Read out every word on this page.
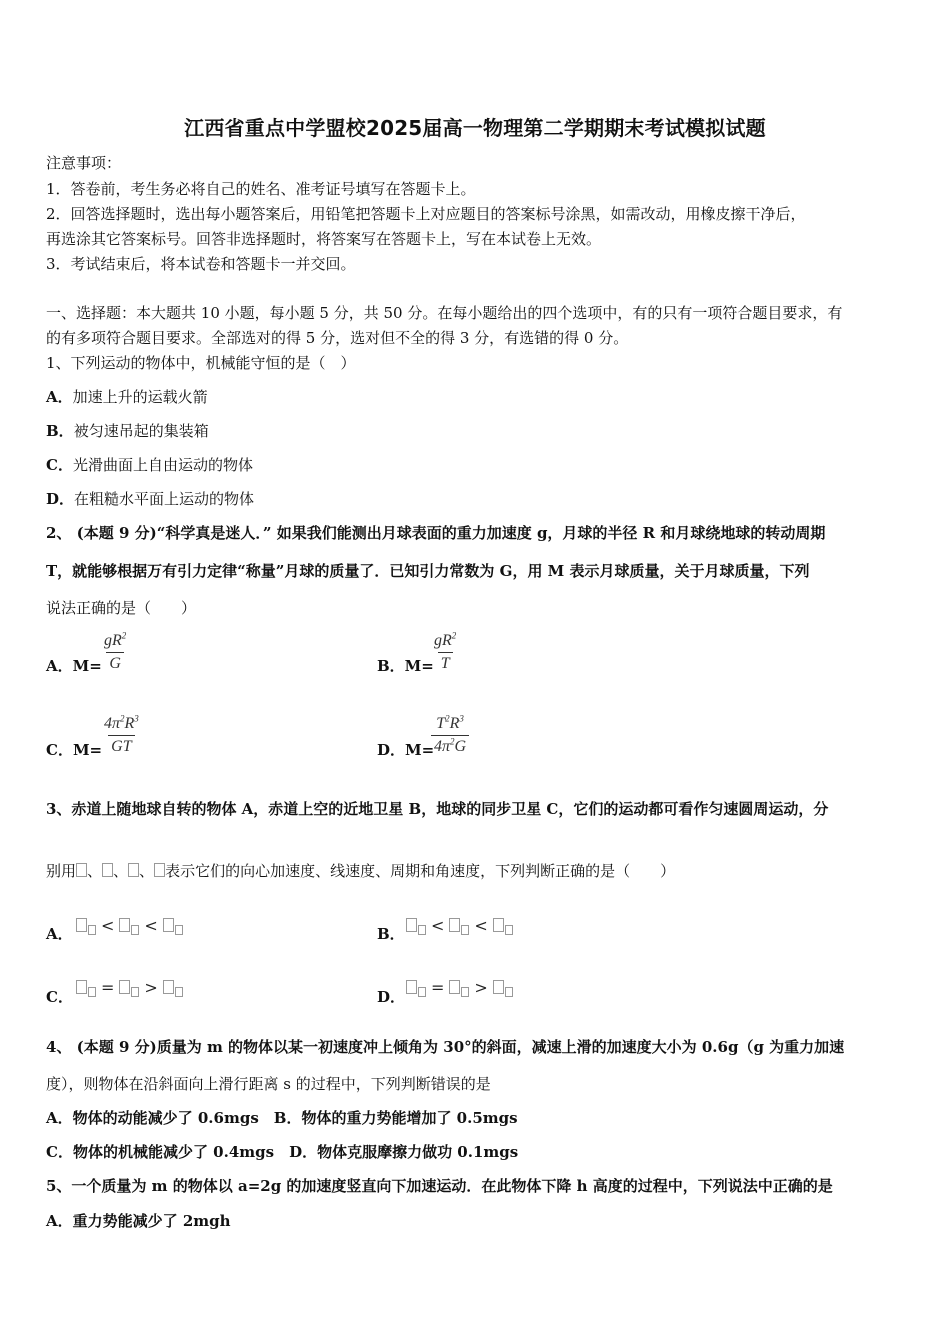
江西省重点中学盟校2025届高一物理第二学期期末考试模拟试题
注意事项：
1．答卷前，考生务必将自己的姓名、准考证号填写在答题卡上。
2．回答选择题时，选出每小题答案后，用铅笔把答题卡上对应题目的答案标号涂黑，如需改动，用橡皮擦干净后，
再选涂其它答案标号。回答非选择题时，将答案写在答题卡上，写在本试卷上无效。
3．考试结束后，将本试卷和答题卡一并交回。
一、选择题：本大题共 10 小题，每小题 5 分，共 50 分。在每小题给出的四个选项中，有的只有一项符合题目要求，有
的有多项符合题目要求。全部选对的得 5 分，选对但不全的得 3 分，有选错的得 0 分。
1、下列运动的物体中，机械能守恒的是（　）
A．加速上升的运载火箭
B．被匀速吊起的集装箱
C．光滑曲面上自由运动的物体
D．在粗糙水平面上运动的物体
2、 (本题 9 分)“科学真是迷人．” 如果我们能测出月球表面的重力加速度 g，月球的半径 R 和月球绕地球的转动周期
T，就能够根据万有引力定律“称量”月球的质量了．已知引力常数为 G，用 M 表示月球质量，关于月球质量，下列
说法正确的是（　　）
A．$M= \frac{gR^2}{G}$	B．M=
$\frac{gR^2}{T}$
C．M=
$\frac{4\pi^2R^3}{GT}$	D．M=
$\frac{T^2R^3}{4\pi^2G}$
3、赤道上随地球自转的物体 A，赤道上空的近地卫星 B，地球的同步卫星 C，它们的运动都可看作匀速圆周运动，分
别用 、 、 、 表示它们的向心加速度、线速度、周期和角速度，下列判断正确的是（　　）
A．	< <	B．	< <
C．	= >	D．	= >
4、 (本题 9 分)质量为 m 的物体以某一初速度冲上倾角为 30°的斜面，减速上滑的加速度大小为 0.6g（g 为重力加速
度），则物体在沿斜面向上滑行距离 s 的过程中，下列判断错误的是
A．物体的动能减少了 0.6mgs　B．物体的重力势能增加了 0.5mgs
C．物体的机械能减少了 0.4mgs　D．物体克服摩擦力做功 0.1mgs
5、一个质量为 m 的物体以 a=2g 的加速度竖直向下加速运动．在此物体下降 h 高度的过程中，下列说法中正确的是
A．重力势能减少了 2mgh
